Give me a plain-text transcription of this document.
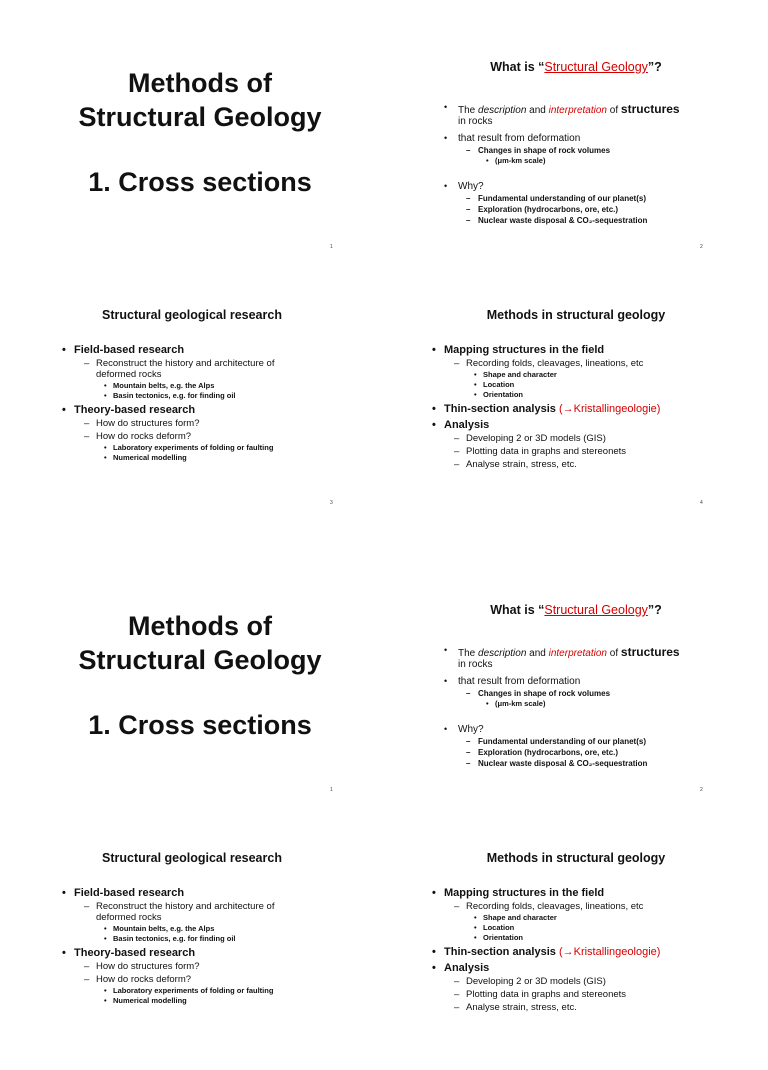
Methods of
Structural Geology
1. Cross sections
1
What is “Structural Geology”?
• The description and interpretation of structures
in rocks
• that result from deformation
– Changes in shape of rock volumes
• (μm-km scale)
• Why?
– Fundamental understanding of our planet(s)
– Exploration (hydrocarbons, ore, etc.)
– Nuclear waste disposal & CO₂-sequestration
2
Structural geological research
• Field-based research
– Reconstruct the history and architecture of deformed rocks
• Mountain belts, e.g. the Alps
• Basin tectonics, e.g. for finding oil
• Theory-based research
– How do structures form?
– How do rocks deform?
• Laboratory experiments of folding or faulting
• Numerical modelling
3
Methods in structural geology
• Mapping structures in the field
– Recording folds, cleavages, lineations, etc
• Shape and character
• Location
• Orientation
• Thin-section analysis (→Kristallingeologie)
• Analysis
– Developing 2 or 3D models (GIS)
– Plotting data in graphs and stereonets
– Analyse strain, stress, etc.
4
Methods of
Structural Geology
1. Cross sections
1
What is “Structural Geology”?
• The description and interpretation of structures
in rocks
• that result from deformation
– Changes in shape of rock volumes
• (μm-km scale)
• Why?
– Fundamental understanding of our planet(s)
– Exploration (hydrocarbons, ore, etc.)
– Nuclear waste disposal & CO₂-sequestration
2
Structural geological research
• Field-based research
– Reconstruct the history and architecture of deformed rocks
• Mountain belts, e.g. the Alps
• Basin tectonics, e.g. for finding oil
• Theory-based research
– How do structures form?
– How do rocks deform?
• Laboratory experiments of folding or faulting
• Numerical modelling
Methods in structural geology
• Mapping structures in the field
– Recording folds, cleavages, lineations, etc
• Shape and character
• Location
• Orientation
• Thin-section analysis (→Kristallingeologie)
• Analysis
– Developing 2 or 3D models (GIS)
– Plotting data in graphs and stereonets
– Analyse strain, stress, etc.
